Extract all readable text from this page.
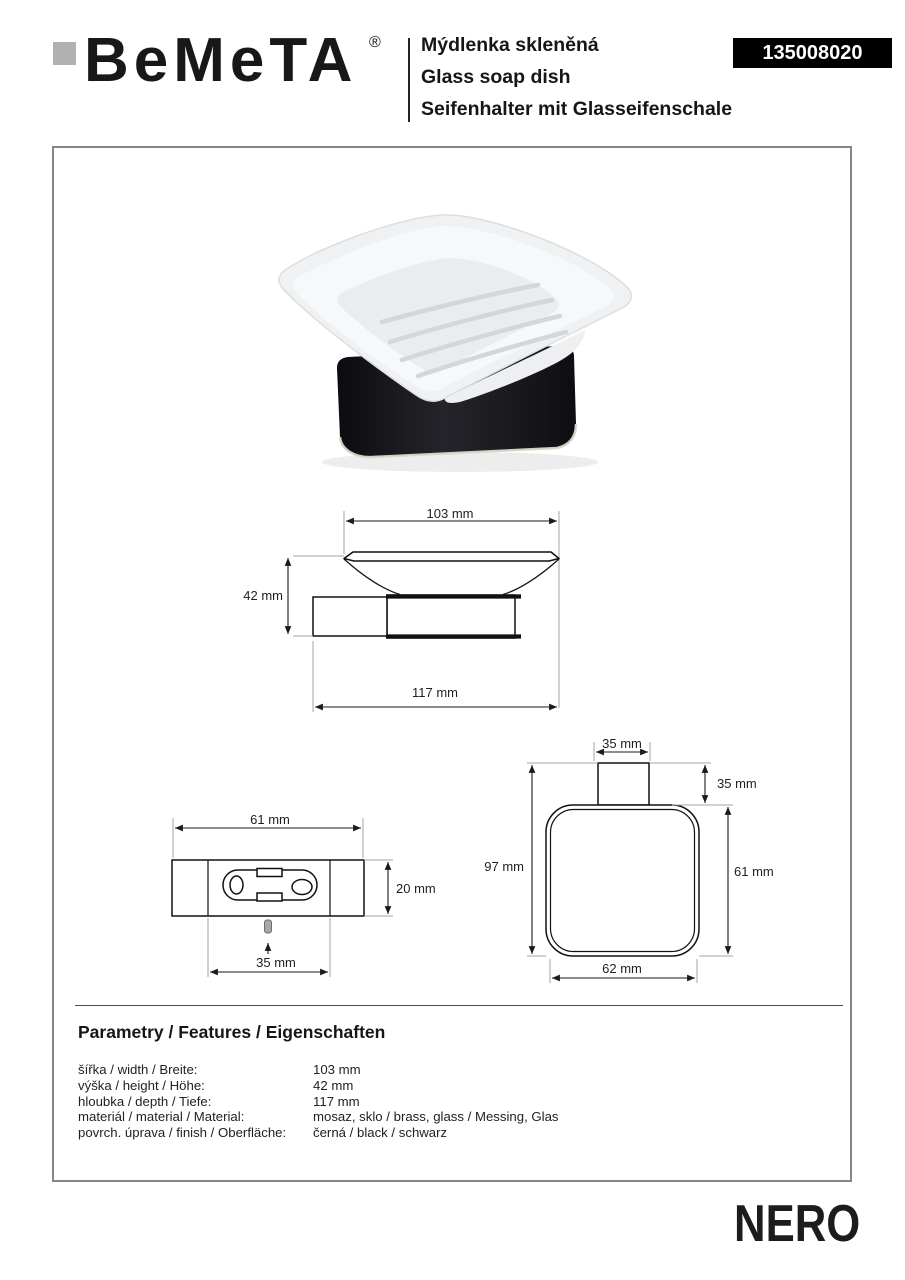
BeMeTA ® Mýdlenka skleněná
Glass soap dish
Seifenhalter mit Glasseifenschale
135008020
103 mm
42 mm
117 mm
61 mm
20 mm
35 mm
35 mm
97 mm
35 mm
61 mm
62 mm
Parametry / Features / Eigenschaften
šířka / width / Breite:	103 mm
výška / height / Höhe:	42 mm
hloubka / depth / Tiefe:	117 mm
materiál / material / Material:	mosaz, sklo / brass, glass / Messing, Glas
povrch. úprava / finish / Oberfläche:	černá / black / schwarz
NERO
